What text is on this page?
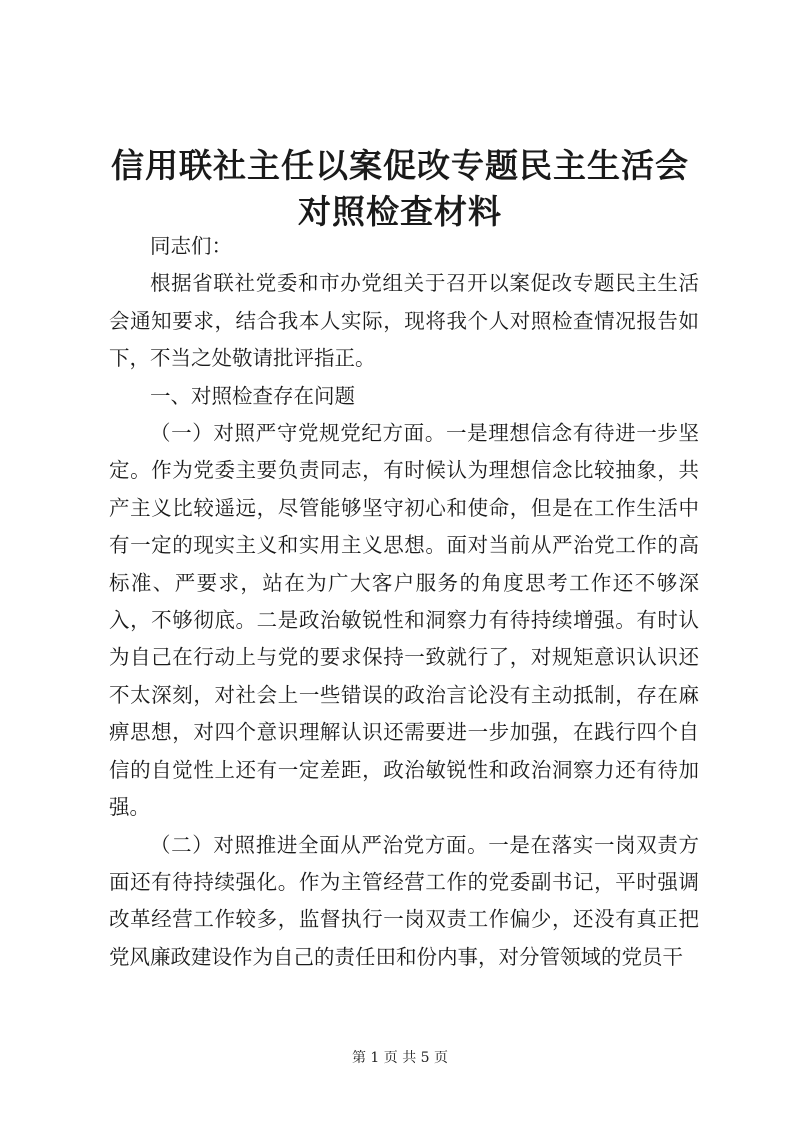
信用联社主任以案促改专题民主生活会对照检查材料

同志们：

根据省联社党委和市办党组关于召开以案促改专题民主生活会通知要求，结合我本人实际，现将我个人对照检查情况报告如下，不当之处敬请批评指正。

一、对照检查存在问题

（一）对照严守党规党纪方面。一是理想信念有待进一步坚定。作为党委主要负责同志，有时候认为理想信念比较抽象，共产主义比较遥远，尽管能够坚守初心和使命，但是在工作生活中有一定的现实主义和实用主义思想。面对当前从严治党工作的高标准、严要求，站在为广大客户服务的角度思考工作还不够深入，不够彻底。二是政治敏锐性和洞察力有待持续增强。有时认为自己在行动上与党的要求保持一致就行了，对规矩意识认识还不太深刻，对社会上一些错误的政治言论没有主动抵制，存在麻痹思想，对四个意识理解认识还需要进一步加强，在践行四个自信的自觉性上还有一定差距，政治敏锐性和政治洞察力还有待加强。

（二）对照推进全面从严治党方面。一是在落实一岗双责方面还有待持续强化。作为主管经营工作的党委副书记，平时强调改革经营工作较多，监督执行一岗双责工作偏少，还没有真正把党风廉政建设作为自己的责任田和份内事，对分管领域的党员干

第 1 页 共 5 页
